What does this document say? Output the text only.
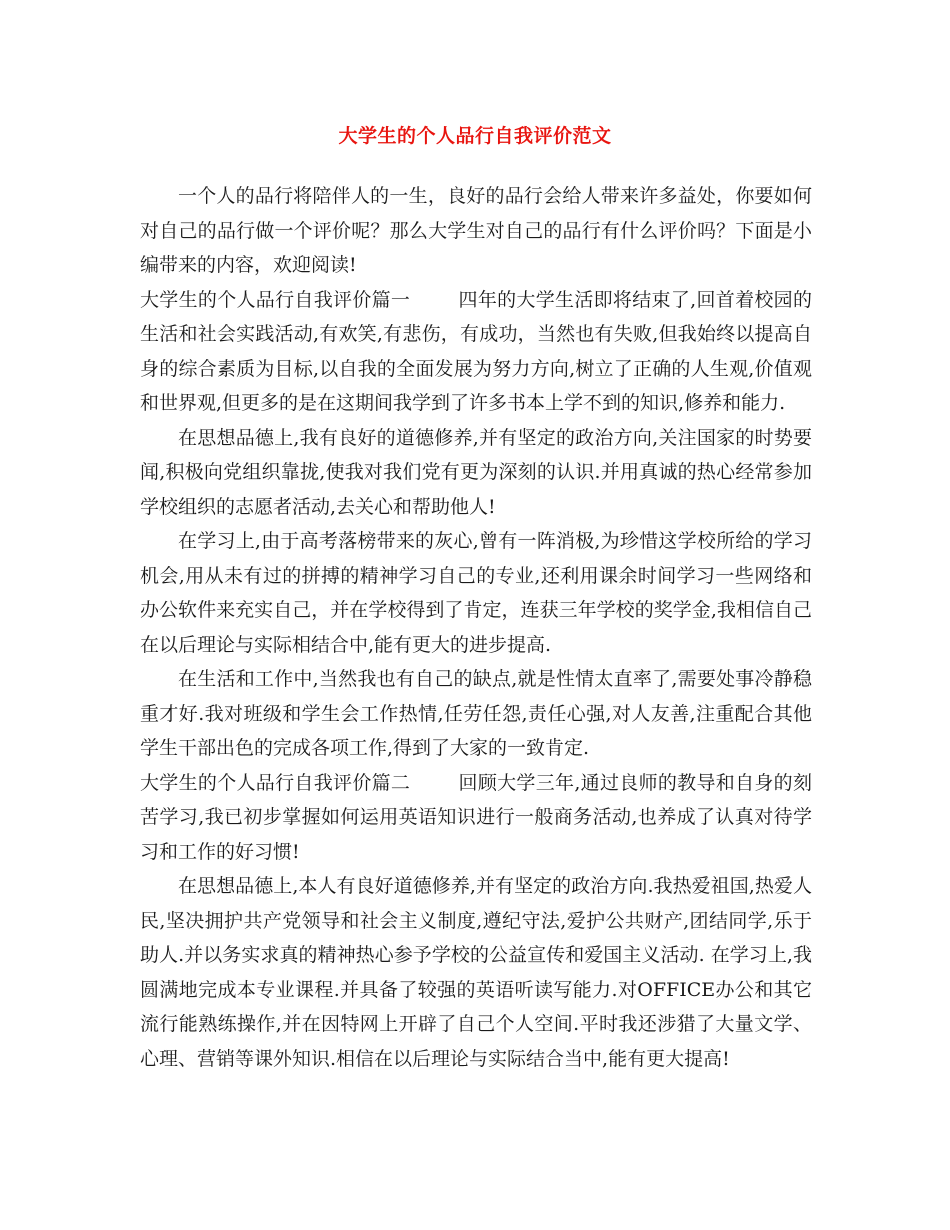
大学生的个人品行自我评价范文

一个人的品行将陪伴人的一生，良好的品行会给人带来许多益处，你要如何对自己的品行做一个评价呢？那么大学生对自己的品行有什么评价吗？下面是小编带来的内容，欢迎阅读!

大学生的个人品行自我评价篇一	四年的大学生活即将结束了,回首着校园的生活和社会实践活动,有欢笑,有悲伤，有成功，当然也有失败,但我始终以提高自身的综合素质为目标,以自我的全面发展为努力方向,树立了正确的人生观,价值观和世界观,但更多的是在这期间我学到了许多书本上学不到的知识,修养和能力.

在思想品德上,我有良好的道德修养,并有坚定的政治方向,关注国家的时势要闻,积极向党组织靠拢,使我对我们党有更为深刻的认识.并用真诚的热心经常参加学校组织的志愿者活动,去关心和帮助他人!

在学习上,由于高考落榜带来的灰心,曾有一阵消极,为珍惜这学校所给的学习机会,用从未有过的拼搏的精神学习自己的专业,还利用课余时间学习一些网络和办公软件来充实自己，并在学校得到了肯定，连获三年学校的奖学金,我相信自己在以后理论与实际相结合中,能有更大的进步提高.

在生活和工作中,当然我也有自己的缺点,就是性情太直率了,需要处事冷静稳重才好.我对班级和学生会工作热情,任劳任怨,责任心强,对人友善,注重配合其他学生干部出色的完成各项工作,得到了大家的一致肯定.

大学生的个人品行自我评价篇二	回顾大学三年,通过良师的教导和自身的刻苦学习,我已初步掌握如何运用英语知识进行一般商务活动,也养成了认真对待学习和工作的好习惯!

在思想品德上,本人有良好道德修养,并有坚定的政治方向.我热爱祖国,热爱人民,坚决拥护共产党领导和社会主义制度,遵纪守法,爱护公共财产,团结同学,乐于助人.并以务实求真的精神热心参予学校的公益宣传和爱国主义活动. 在学习上,我圆满地完成本专业课程.并具备了较强的英语听读写能力.对OFFICE办公和其它流行能熟练操作,并在因特网上开辟了自己个人空间.平时我还涉猎了大量文学、心理、营销等课外知识.相信在以后理论与实际结合当中,能有更大提高!
